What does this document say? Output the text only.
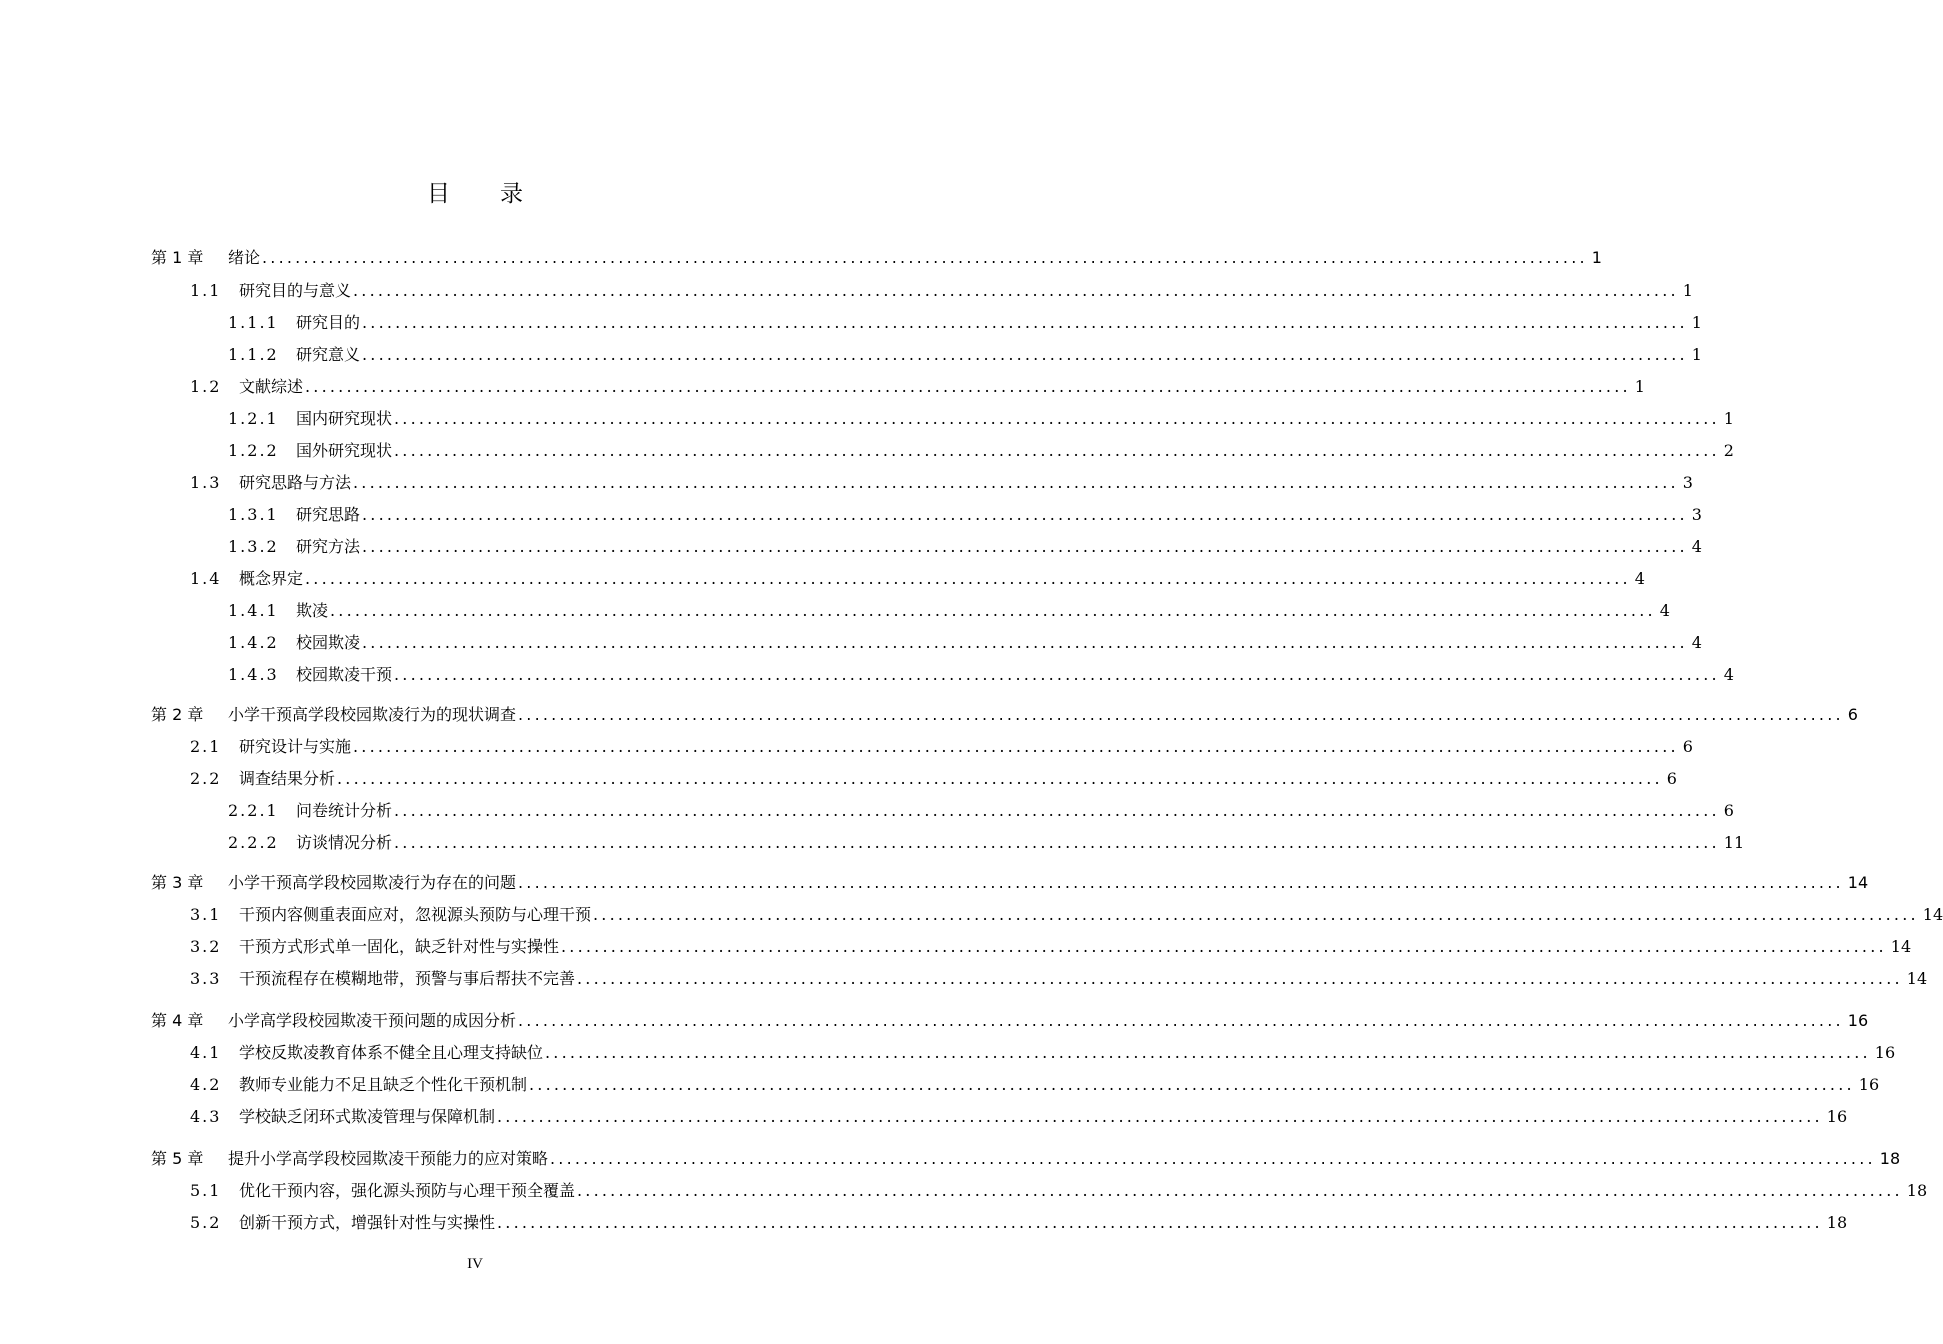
目 录
第 1 章	绪论 ................................................................................................................................................................ 1
1.1	研究目的与意义 ................................................................................................................................................................ 1
1.1.1	研究目的 ................................................................................................................................................................ 1
1.1.2	研究意义 ................................................................................................................................................................ 1
1.2	文献综述 ................................................................................................................................................................ 1
1.2.1	国内研究现状 ................................................................................................................................................................ 1
1.2.2	国外研究现状 ................................................................................................................................................................ 2
1.3	研究思路与方法 ................................................................................................................................................................ 3
1.3.1	研究思路 ................................................................................................................................................................ 3
1.3.2	研究方法 ................................................................................................................................................................ 4
1.4	概念界定 ................................................................................................................................................................ 4
1.4.1	欺凌 ................................................................................................................................................................ 4
1.4.2	校园欺凌 ................................................................................................................................................................ 4
1.4.3	校园欺凌干预 ................................................................................................................................................................ 4
第 2 章	小学干预高学段校园欺凌行为的现状调查 ................................................................................................................................................................ 6
2.1	研究设计与实施 ................................................................................................................................................................ 6
2.2	调查结果分析 ................................................................................................................................................................ 6
2.2.1	问卷统计分析 ................................................................................................................................................................ 6
2.2.2	访谈情况分析 ................................................................................................................................................................ 11
第 3 章	小学干预高学段校园欺凌行为存在的问题 ................................................................................................................................................................ 14
3.1	干预内容侧重表面应对，忽视源头预防与心理干预 ................................................................................................................................................................ 14
3.2	干预方式形式单一固化，缺乏针对性与实操性 ................................................................................................................................................................ 14
3.3	干预流程存在模糊地带，预警与事后帮扶不完善 ................................................................................................................................................................ 14
第 4 章	小学高学段校园欺凌干预问题的成因分析 ................................................................................................................................................................ 16
4.1	学校反欺凌教育体系不健全且心理支持缺位 ................................................................................................................................................................ 16
4.2	教师专业能力不足且缺乏个性化干预机制 ................................................................................................................................................................ 16
4.3	学校缺乏闭环式欺凌管理与保障机制 ................................................................................................................................................................ 16
第 5 章	提升小学高学段校园欺凌干预能力的应对策略 ................................................................................................................................................................ 18
5.1	优化干预内容，强化源头预防与心理干预全覆盖 ................................................................................................................................................................ 18
5.2	创新干预方式，增强针对性与实操性 ................................................................................................................................................................ 18
IV
